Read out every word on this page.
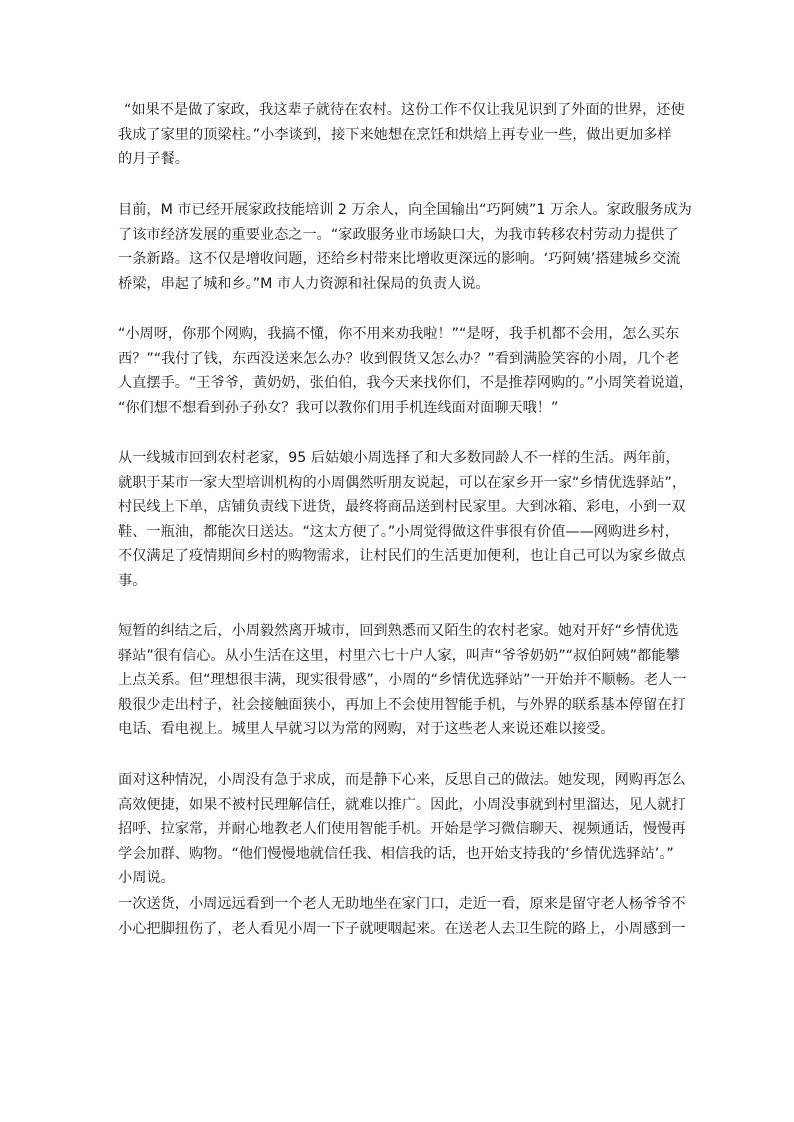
“如果不是做了家政，我这辈子就待在农村。这份工作不仅让我见识到了外面的世界，还使
我成了家里的顶梁柱。”小李谈到，接下来她想在烹饪和烘焙上再专业一些，做出更加多样
的月子餐。

目前，M 市已经开展家政技能培训 2 万余人，向全国输出“巧阿姨”1 万余人。家政服务成为
了该市经济发展的重要业态之一。“家政服务业市场缺口大，为我市转移农村劳动力提供了
一条新路。这不仅是增收问题，还给乡村带来比增收更深远的影响。‘巧阿姨’搭建城乡交流
桥梁，串起了城和乡。”M 市人力资源和社保局的负责人说。

“小周呀，你那个网购，我搞不懂，你不用来劝我啦！”“是呀，我手机都不会用，怎么买东
西？”“我付了钱，东西没送来怎么办？收到假货又怎么办？”看到满脸笑容的小周，几个老
人直摆手。“王爷爷，黄奶奶，张伯伯，我今天来找你们，不是推荐网购的。”小周笑着说道，
“你们想不想看到孙子孙女？我可以教你们用手机连线面对面聊天哦！”

从一线城市回到农村老家，95 后姑娘小周选择了和大多数同龄人不一样的生活。两年前，
就职于某市一家大型培训机构的小周偶然听朋友说起，可以在家乡开一家“乡情优选驿站”，
村民线上下单，店铺负责线下进货，最终将商品送到村民家里。大到冰箱、彩电，小到一双
鞋、一瓶油，都能次日送达。“这太方便了。”小周觉得做这件事很有价值——网购进乡村，
不仅满足了疫情期间乡村的购物需求，让村民们的生活更加便利，也让自己可以为家乡做点
事。

短暂的纠结之后，小周毅然离开城市，回到熟悉而又陌生的农村老家。她对开好“乡情优选
驿站”很有信心。从小生活在这里，村里六七十户人家，叫声“爷爷奶奶”“叔伯阿姨”都能攀
上点关系。但“理想很丰满，现实很骨感”，小周的“乡情优选驿站”一开始并不顺畅。老人一
般很少走出村子，社会接触面狭小，再加上不会使用智能手机，与外界的联系基本停留在打
电话、看电视上。城里人早就习以为常的网购，对于这些老人来说还难以接受。

面对这种情况，小周没有急于求成，而是静下心来，反思自己的做法。她发现，网购再怎么
高效便捷，如果不被村民理解信任，就难以推广。因此，小周没事就到村里溜达，见人就打
招呼、拉家常，并耐心地教老人们使用智能手机。开始是学习微信聊天、视频通话，慢慢再
学会加群、购物。“他们慢慢地就信任我、相信我的话，也开始支持我的‘乡情优选驿站’。”
小周说。

一次送货，小周远远看到一个老人无助地坐在家门口，走近一看，原来是留守老人杨爷爷不
小心把脚扭伤了，老人看见小周一下子就哽咽起来。在送老人去卫生院的路上，小周感到一
